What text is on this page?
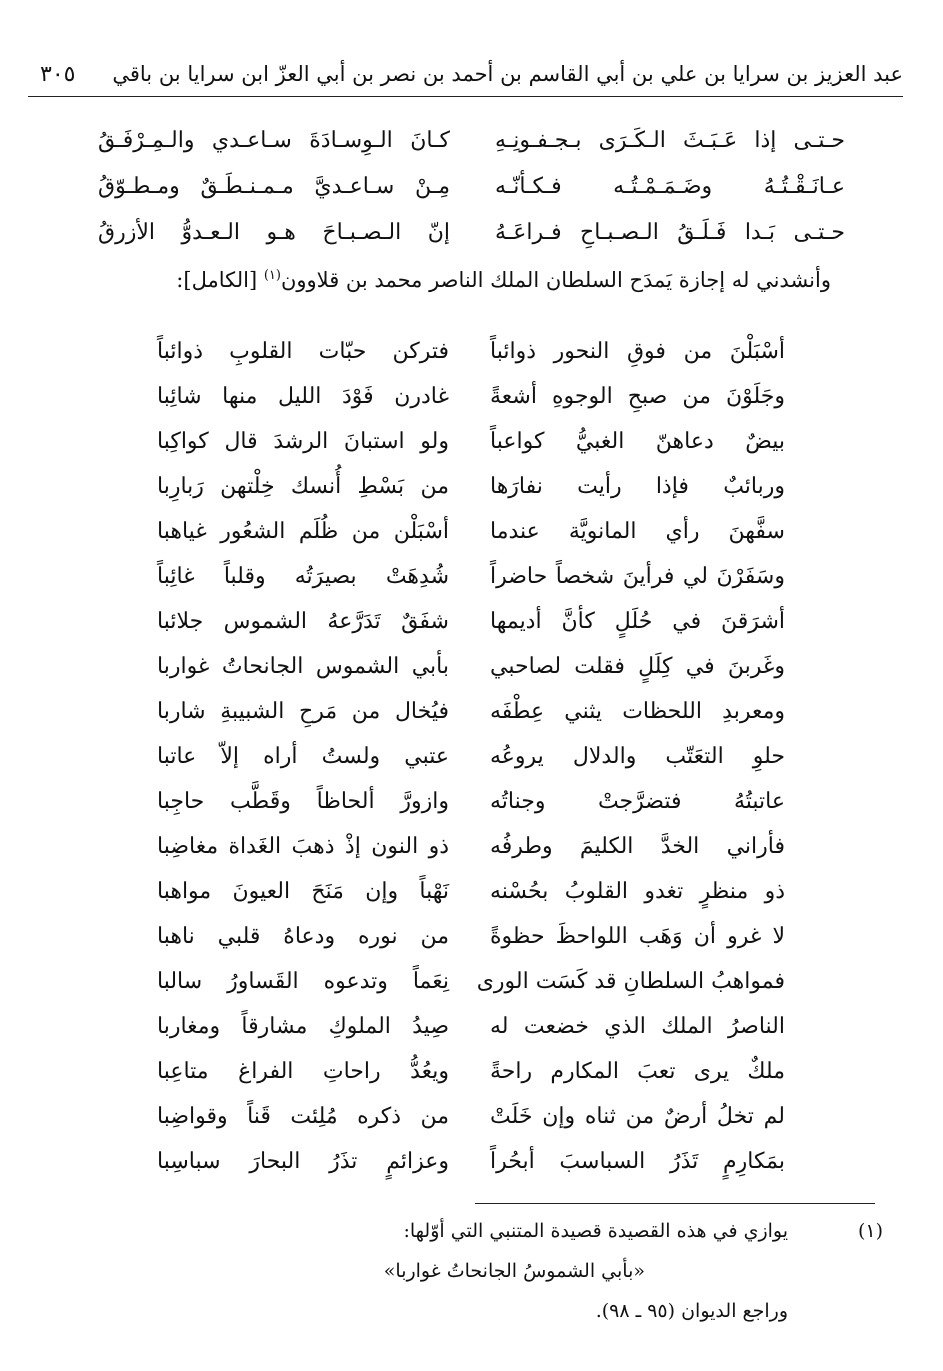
عبد العزيز بن سرايا بن علي بن أبي القاسم بن أحمد بن نصر بن أبي العزّ ابن سرايا بن باقي
٣٠٥
حـتـى إذا عَـبَـثَ الـكَـرَى بـجـفـونِـهِ
كـانَ الـوِسـادَةَ سـاعـدي والـمِـرْفَـقُ
عـانَـقْـتُـهُ وضَـمَـمْـتُـه فـكـأنّـه
مِـنْ سـاعـديَّ مـمـنـطَـقٌ ومـطـوّقُ
حـتـى بَـدا فَـلَـقُ الـصـبـاحِ فـراعَـهُ
إنّ الـصـبـاحَ هـو الـعـدوُّ الأزرقُ
وأنشدني له إجازة يَمدَح السلطان الملك الناصر محمد بن قلاوون$^{(١)}$ [الكامل]:
أسْبَلْنَ من فوقِ النحور ذوائباً
فتركن حبّات القلوبِ ذوائباً
وجَلَوْنَ من صبحِ الوجوهِ أشعةً
غادرن فَوْدَ الليل منها شائِبا
بيضٌ دعاهنّ الغبيُّ كواعباً
ولو استبانَ الرشدَ قال كواكِبا
وربائبٌ فإذا رأيت نفارَها
من بَسْطِ أُنسك خِلْتهن رَبارِبا
سفَّهنَ رأي المانويَّة عندما
أسْبَلْن من ظُلَم الشعُور غياهبا
وسَفَرْنَ لي فرأينَ شخصاً حاضراً
شُدِهَتْ بصيرَتُه وقلباً غائِباً
أشرَقنَ في حُلَلٍ كأنَّ أديمها
شفَقٌ تَدَرَّعهُ الشموس جلائبا
وغَربنَ في كِلَلٍ فقلت لصاحبي
بأبي الشموس الجانحاتُ غواربا
ومعربدِ اللحظات يثني عِطْفَه
فيُخال من مَرحِ الشبيبةِ شاربا
حلوِ التعَتّب والدلال يروعُه
عتبي ولستُ أراه إلاّ عاتبا
عاتبتُهُ فتضرَّجتْ وجناتُه
وازورَّ ألحاظاً وقَطَّب حاجِبا
فأراني الخدَّ الكليمَ وطرفُه
ذو النون إذْ ذهبَ الغَداة مغاضِبا
ذو منظرٍ تغدو القلوبُ بحُسْنه
نَهْباً وإن مَنَحَ العيونَ مواهبا
لا غرو أن وَهَب اللواحظَ حظوةً
من نوره ودعاهُ قلبي ناهبا
فمواهبُ السلطانِ قد كَسَت الورى
نِعَماً وتدعوه القَساورُ سالبا
الناصرُ الملك الذي خضعت له
صِيدُ الملوكِ مشارقاً ومغاربا
ملكٌ يرى تعبَ المكارم راحةً
ويعُدُّ راحاتِ الفراغ متاعِبا
لم تخلُ أرضٌ من ثناه وإن خَلَتْ
من ذكره مُلِئت قَناً وقواضِبا
بمَكارِمٍ تَذَرُ السباسبَ أبحُراً
وعزائمٍ تذَرُ البحارَ سباسِبا
(١)
يوازي في هذه القصيدة قصيدة المتنبي التي أوّلها:
«بأبي الشموسُ الجانحاتُ غواربا»
وراجع الديوان (٩٥ ـ ٩٨).
